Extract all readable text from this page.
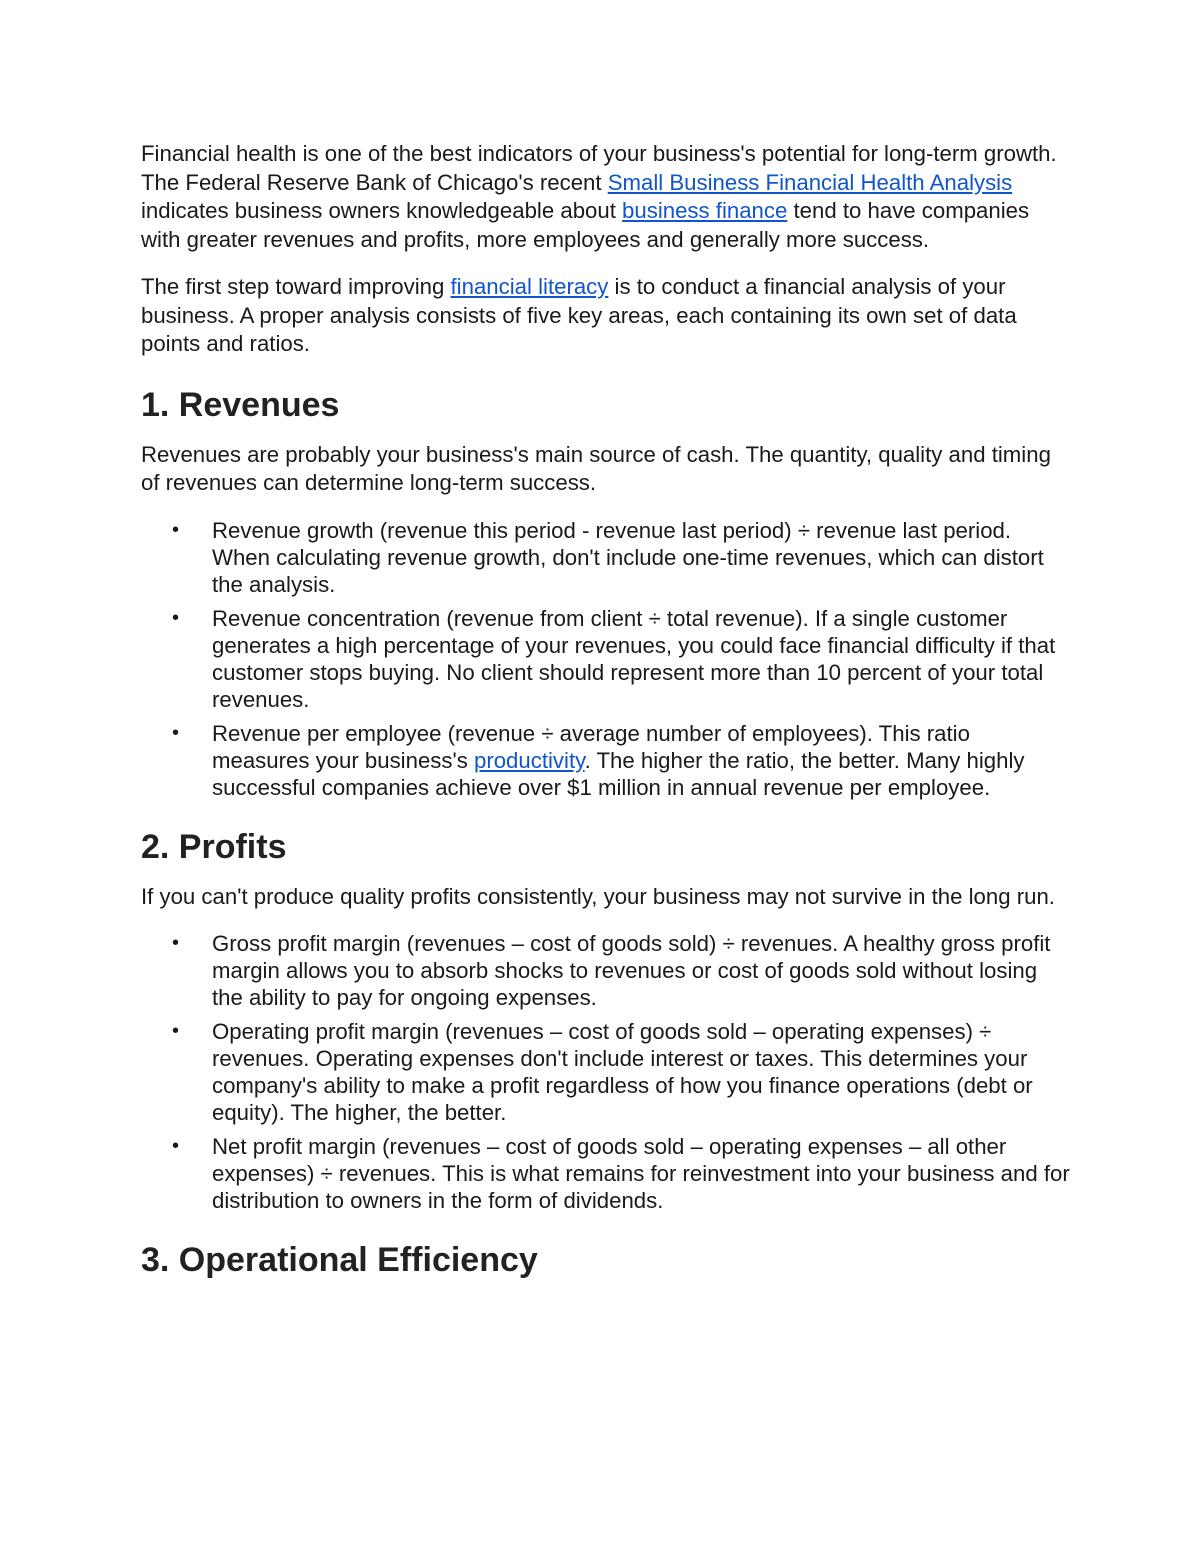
Financial health is one of the best indicators of your business's potential for long-term growth. The Federal Reserve Bank of Chicago's recent Small Business Financial Health Analysis indicates business owners knowledgeable about business finance tend to have companies with greater revenues and profits, more employees and generally more success.

The first step toward improving financial literacy is to conduct a financial analysis of your business. A proper analysis consists of five key areas, each containing its own set of data points and ratios.

1. Revenues

Revenues are probably your business's main source of cash. The quantity, quality and timing of revenues can determine long-term success.

• Revenue growth (revenue this period - revenue last period) ÷ revenue last period. When calculating revenue growth, don't include one-time revenues, which can distort the analysis.
• Revenue concentration (revenue from client ÷ total revenue). If a single customer generates a high percentage of your revenues, you could face financial difficulty if that customer stops buying. No client should represent more than 10 percent of your total revenues.
• Revenue per employee (revenue ÷ average number of employees). This ratio measures your business's productivity. The higher the ratio, the better. Many highly successful companies achieve over $1 million in annual revenue per employee.
2. Profits

If you can't produce quality profits consistently, your business may not survive in the long run.

• Gross profit margin (revenues – cost of goods sold) ÷ revenues. A healthy gross profit margin allows you to absorb shocks to revenues or cost of goods sold without losing the ability to pay for ongoing expenses.
• Operating profit margin (revenues – cost of goods sold – operating expenses) ÷ revenues. Operating expenses don't include interest or taxes. This determines your company's ability to make a profit regardless of how you finance operations (debt or equity). The higher, the better.
• Net profit margin (revenues – cost of goods sold – operating expenses – all other expenses) ÷ revenues. This is what remains for reinvestment into your business and for distribution to owners in the form of dividends.
3. Operational Efficiency
